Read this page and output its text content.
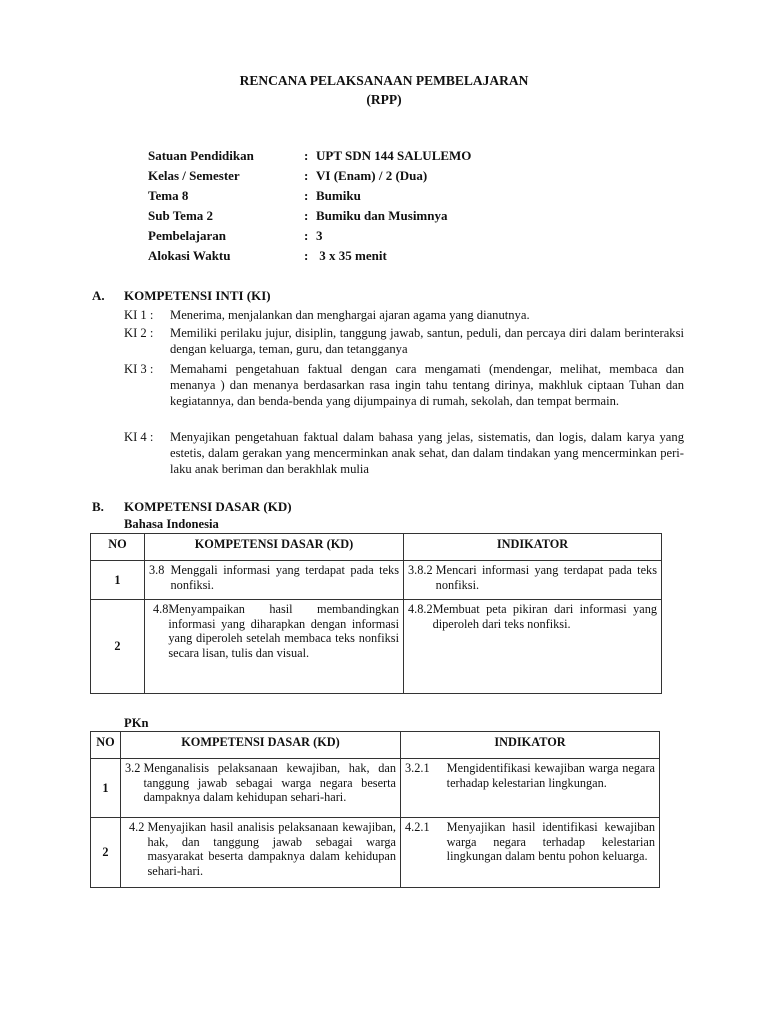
RENCANA PELAKSANAAN PEMBELAJARAN
(RPP)
Satuan Pendidikan	: UPT SDN 144 SALULEMO
Kelas / Semester	: VI (Enam) / 2 (Dua)
Tema 8	: Bumiku
Sub Tema 2	: Bumiku dan Musimnya
Pembelajaran	: 3
Alokasi Waktu	: 3 x 35 menit
A. KOMPETENSI INTI (KI)
KI 1 : Menerima, menjalankan dan menghargai ajaran agama yang dianutnya.
KI 2 : Memiliki perilaku jujur, disiplin, tanggung jawab, santun, peduli, dan percaya diri dalam berinteraksi dengan keluarga, teman, guru, dan tetangganya
KI 3 : Memahami pengetahuan faktual dengan cara mengamati (mendengar, melihat, membaca dan menanya ) dan menanya berdasarkan rasa ingin tahu tentang dirinya, makhluk ciptaan Tuhan dan kegiatannya, dan benda-benda yang dijumpainya di rumah, sekolah, dan tempat bermain.
KI 4 : Menyajikan pengetahuan faktual dalam bahasa yang jelas, sistematis, dan logis, dalam karya yang estetis, dalam gerakan yang mencerminkan anak sehat, dan dalam tindakan yang mencerminkan peri-laku anak beriman dan berakhlak mulia
B. KOMPETENSI DASAR (KD)
Bahasa Indonesia
NO	KOMPETENSI DASAR (KD)	INDIKATOR
1	3.8 Menggali informasi yang terdapat pada teks nonfiksi.	3.8.2 Mencari informasi yang terdapat pada teks nonfiksi.

2	4.8 Menyampaikan hasil membandingkan informasi yang diharapkan dengan informasi yang diperoleh setelah membaca teks nonfiksi secara lisan, tulis dan visual.	4.8.2 Membuat peta pikiran dari informasi yang diperoleh dari teks nonfiksi.
PKn
NO	KOMPETENSI DASAR (KD)	INDIKATOR
1	3.2 Menganalisis pelaksanaan kewajiban, hak, dan tanggung jawab sebagai warga negara beserta dampaknya dalam kehidupan sehari-hari.	3.2.1 Mengidentifikasi kewajiban warga negara terhadap kelestarian lingkungan.

2	4.2 Menyajikan hasil analisis pelaksanaan kewajiban, hak, dan tanggung jawab sebagai warga masyarakat beserta dampaknya dalam kehidupan sehari-hari.	4.2.1 Menyajikan hasil identifikasi kewajiban warga negara terhadap kelestarian lingkungan dalam bentu pohon keluarga.
